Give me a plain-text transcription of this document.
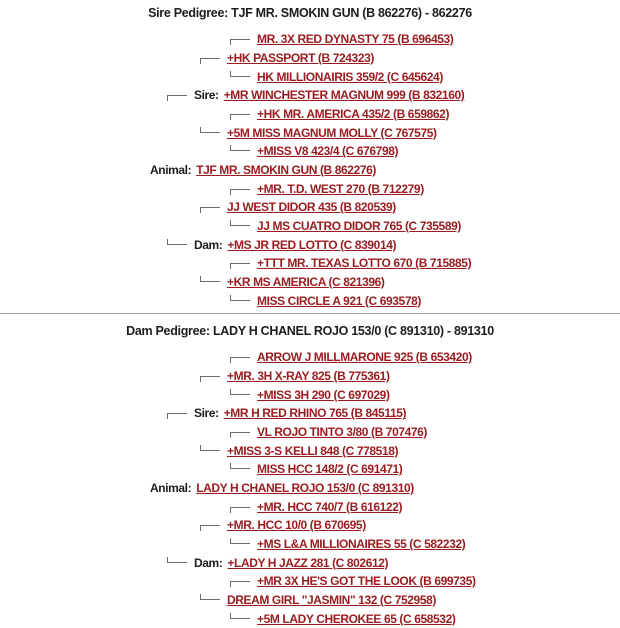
Sire Pedigree: TJF MR. SMOKIN GUN (B 862276) - 862276
MR. 3X RED DYNASTY 75 (B 696453)
+HK PASSPORT (B 724323)
HK MILLIONAIRIS 359/2 (C 645624)
Sire: +MR WINCHESTER MAGNUM 999 (B 832160)
+HK MR. AMERICA 435/2 (B 659862)
+5M MISS MAGNUM MOLLY (C 767575)
+MISS V8 423/4 (C 676798)
Animal: TJF MR. SMOKIN GUN (B 862276)
+MR. T.D. WEST 270 (B 712279)
JJ WEST DIDOR 435 (B 820539)
JJ MS CUATRO DIDOR 765 (C 735589)
Dam: +MS JR RED LOTTO (C 839014)
+TTT MR. TEXAS LOTTO 670 (B 715885)
+KR MS AMERICA (C 821396)
MISS CIRCLE A 921 (C 693578)
Dam Pedigree: LADY H CHANEL ROJO 153/0 (C 891310) - 891310
ARROW J MILLMARONE 925 (B 653420)
+MR. 3H X-RAY 825 (B 775361)
+MISS 3H 290 (C 697029)
Sire: +MR H RED RHINO 765 (B 845115)
VL ROJO TINTO 3/80 (B 707476)
+MISS 3-S KELLI 848 (C 778518)
MISS HCC 148/2 (C 691471)
Animal: LADY H CHANEL ROJO 153/0 (C 891310)
+MR. HCC 740/7 (B 616122)
+MR. HCC 10/0 (B 670695)
+MS L&A MILLIONAIRES 55 (C 582232)
Dam: +LADY H JAZZ 281 (C 802612)
+MR 3X HE'S GOT THE LOOK (B 699735)
DREAM GIRL "JASMIN" 132 (C 752958)
+5M LADY CHEROKEE 65 (C 658532)
